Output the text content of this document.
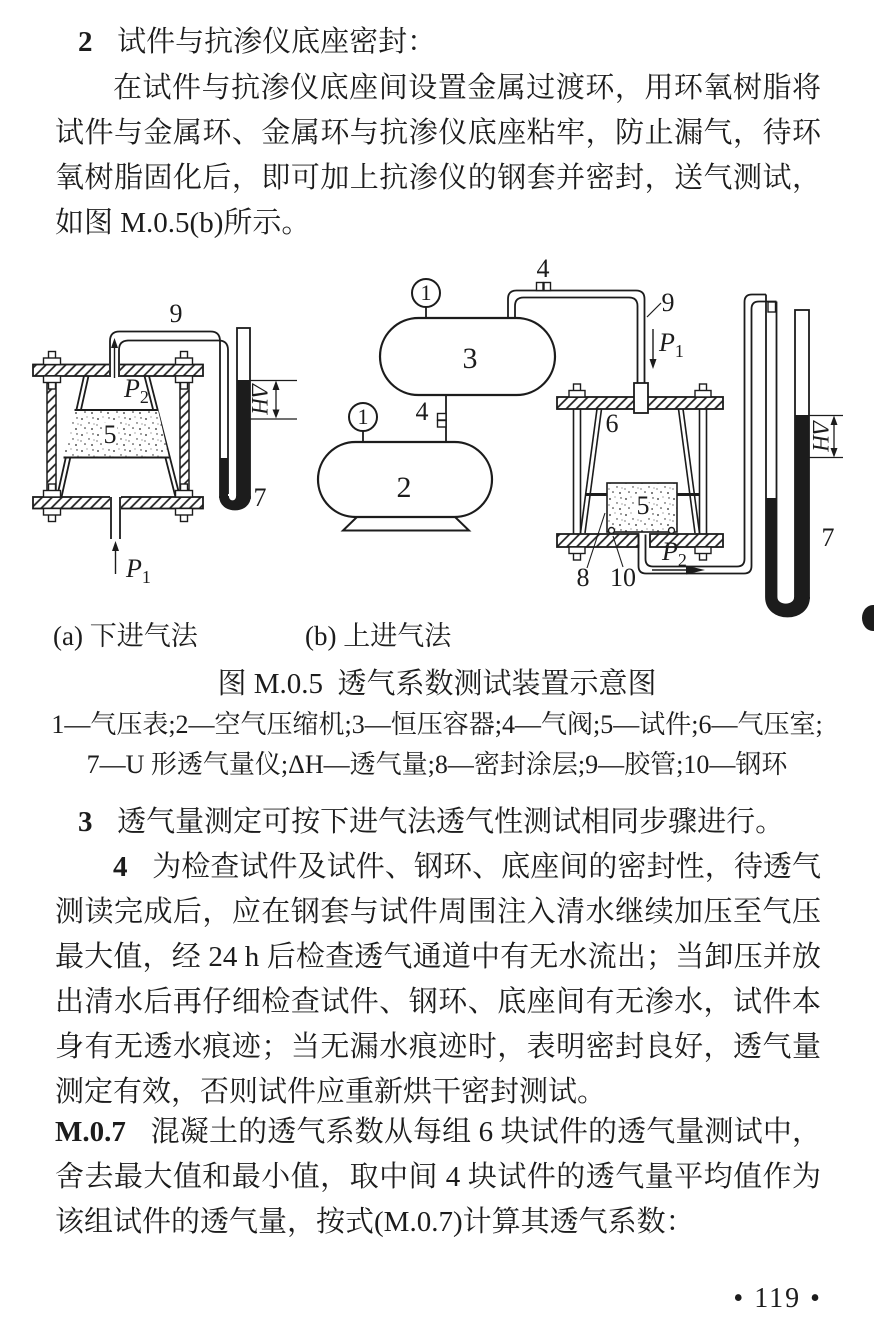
2 试件与抗渗仪底座密封：
在试件与抗渗仪底座间设置金属过渡环，用环氧树脂将试件与金属环、金属环与抗渗仪底座粘牢，防止漏气，待环氧树脂固化后，即可加上抗渗仪的钢套并密封，送气测试，如图 M.0.5(b)所示。
9
5
7
P2
P1
ΔH
(a) 下进气法
1
1
3
2
4
4
9
6
5
8 10
7
P1
P2
ΔH
(b) 上进气法
图 M.0.5  透气系数测试装置示意图
1—气压表;2—空气压缩机;3—恒压容器;4—气阀;5—试件;6—气压室;
7—U 形透气量仪;ΔH—透气量;8—密封涂层;9—胶管;10—钢环
3 透气量测定可按下进气法透气性测试相同步骤进行。
4 为检查试件及试件、钢环、底座间的密封性，待透气测读完成后，应在钢套与试件周围注入清水继续加压至气压最大值，经 24 h 后检查透气通道中有无水流出；当卸压并放出清水后再仔细检查试件、钢环、底座间有无渗水，试件本身有无透水痕迹；当无漏水痕迹时，表明密封良好，透气量测定有效，否则试件应重新烘干密封测试。
M.0.7 混凝土的透气系数从每组 6 块试件的透气量测试中，舍去最大值和最小值，取中间 4 块试件的透气量平均值作为该组试件的透气量，按式(M.0.7)计算其透气系数：
• 119 •
